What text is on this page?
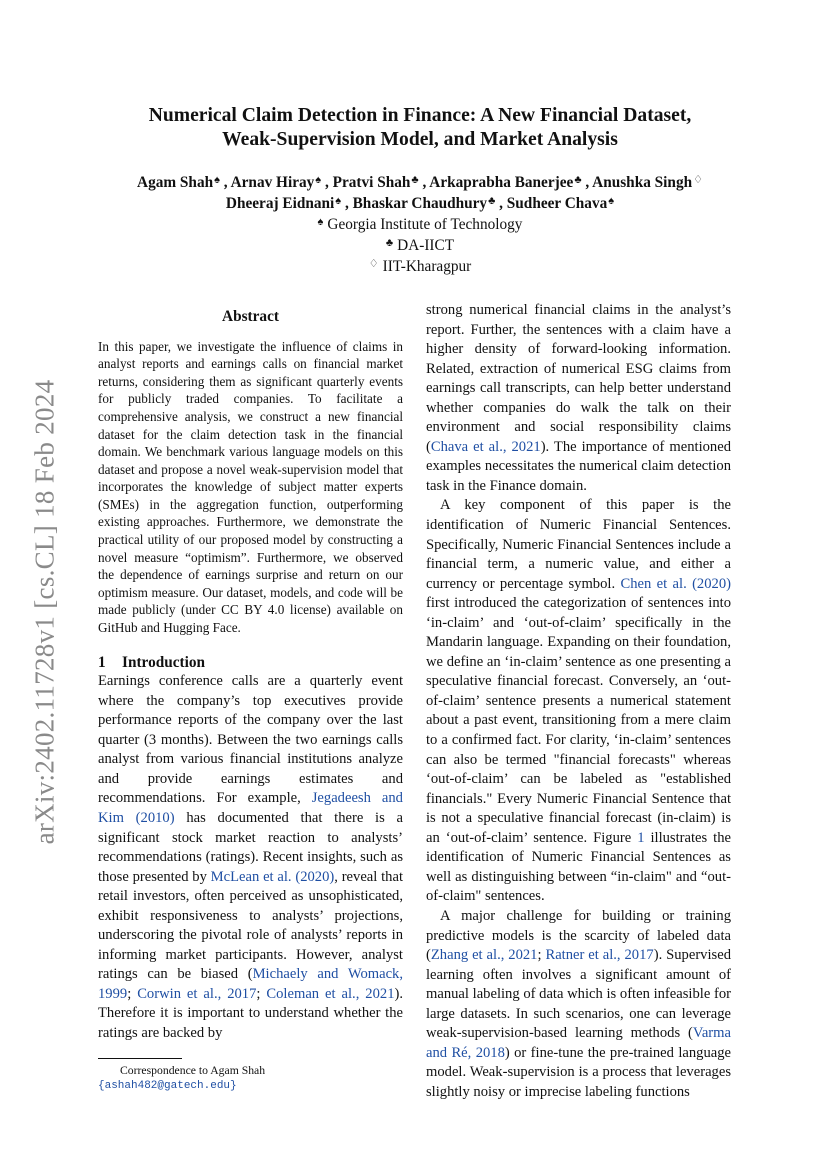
arXiv:2402.11728v1 [cs.CL] 18 Feb 2024
Numerical Claim Detection in Finance: A New Financial Dataset,
Weak-Supervision Model, and Market Analysis
Agam Shah♠ , Arnav Hiray♠ , Pratvi Shah♣ , Arkaprabha Banerjee♣ , Anushka Singh♢
Dheeraj Eidnani♠ , Bhaskar Chaudhury♣ , Sudheer Chava♠
♠ Georgia Institute of Technology
♣ DA-IICT
♢ IIT-Kharagpur
Abstract

In this paper, we investigate the influence of claims in analyst reports and earnings calls on financial market returns, considering them as significant quarterly events for publicly traded companies. To facilitate a comprehensive analysis, we construct a new financial dataset for the claim detection task in the financial domain. We benchmark various language models on this dataset and propose a novel weak-supervision model that incorporates the knowledge of subject matter experts (SMEs) in the aggregation function, outperforming existing approaches. Furthermore, we demonstrate the practical utility of our proposed model by constructing a novel measure “optimism”. Furthermore, we observed the dependence of earnings surprise and return on our optimism measure. Our dataset, models, and code will be made publicly (under CC BY 4.0 license) available on GitHub and Hugging Face.

1 Introduction

Earnings conference calls are a quarterly event where the company’s top executives provide performance reports of the company over the last quarter (3 months). Between the two earnings calls analyst from various financial institutions analyze and provide earnings estimates and recommendations. For example, Jegadeesh and Kim (2010) has documented that there is a significant stock market reaction to analysts’ recommendations (ratings). Recent insights, such as those presented by McLean et al. (2020), reveal that retail investors, often perceived as unsophisticated, exhibit responsiveness to analysts’ projections, underscoring the pivotal role of analysts’ reports in informing market participants. However, analyst ratings can be biased (Michaely and Womack, 1999; Corwin et al., 2017; Coleman et al., 2021). Therefore it is important to understand whether the ratings are backed by

strong numerical financial claims in the analyst’s report. Further, the sentences with a claim have a higher density of forward-looking information. Related, extraction of numerical ESG claims from earnings call transcripts, can help better understand whether companies do walk the talk on their environment and social responsibility claims (Chava et al., 2021). The importance of mentioned examples necessitates the numerical claim detection task in the Finance domain.

A key component of this paper is the identification of Numeric Financial Sentences. Specifically, Numeric Financial Sentences include a financial term, a numeric value, and either a currency or percentage symbol. Chen et al. (2020) first introduced the categorization of sentences into ‘in-claim’ and ‘out-of-claim’ specifically in the Mandarin language. Expanding on their foundation, we define an ‘in-claim’ sentence as one presenting a speculative financial forecast. Conversely, an ‘out-of-claim’ sentence presents a numerical statement about a past event, transitioning from a mere claim to a confirmed fact. For clarity, ‘in-claim’ sentences can also be termed "financial forecasts" whereas ‘out-of-claim’ can be labeled as "established financials." Every Numeric Financial Sentence that is not a speculative financial forecast (in-claim) is an ‘out-of-claim’ sentence. Figure 1 illustrates the identification of Numeric Financial Sentences as well as distinguishing between “in-claim" and “out-of-claim" sentences.

A major challenge for building or training predictive models is the scarcity of labeled data (Zhang et al., 2021; Ratner et al., 2017). Supervised learning often involves a significant amount of manual labeling of data which is often infeasible for large datasets. In such scenarios, one can leverage weak-supervision-based learning methods (Varma and Ré, 2018) or fine-tune the pre-trained language model. Weak-supervision is a process that leverages slightly noisy or imprecise labeling functions

Correspondence to Agam Shah {ashah482@gatech.edu}
